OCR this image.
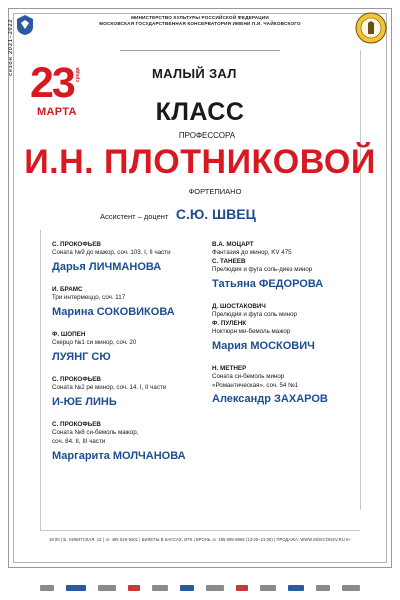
МИНИСТЕРСТВО КУЛЬТУРЫ РОССИЙСКОЙ ФЕДЕРАЦИИ
МОСКОВСКАЯ ГОСУДАРСТВЕННАЯ КОНСЕРВАТОРИЯ ИМЕНИ П.И. ЧАЙКОВСКОГО
сезон 2021–2022
23 среда
МАРТА
МАЛЫЙ ЗАЛ
КЛАСС
ПРОФЕССОРА
И.Н. ПЛОТНИКОВОЙ
ФОРТЕПИАНО
Ассистент – доцент С.Ю. ШВЕЦ
С. ПРОКОФЬЕВ
Соната №9 до мажор, соч. 103. I, II части
Дарья ЛИЧМАНОВА
И. БРАМС
Три интермеццо, соч. 117
Марина СОКОВИКОВА
Ф. ШОПЕН
Скерцо №1 си минор, соч. 20
ЛУЯНГ СЮ
С. ПРОКОФЬЕВ
Соната №2 ре минор, соч. 14. I, II части
И-ЮЕ ЛИНЬ
С. ПРОКОФЬЕВ
Соната №8 си-бемоль мажор,
соч. 84. II, III части
Маргарита МОЛЧАНОВА
В.А. МОЦАРТ
Фантазия до минор, KV 475
С. ТАНЕЕВ
Прелюдия и фуга соль-диез минор
Татьяна ФЕДОРОВА
Д. ШОСТАКОВИЧ
Прелюдия и фуга соль минор
Ф. ПУЛЕНК
Ноктюрн ми-бемоль мажор
Мария МОСКОВИЧ
Н. МЕТНЕР
Соната си-бемоль минор
«Романтическая», соч. 54 №1
Александр ЗАХАРОВ
19:00 | Б. НИКИТСКАЯ, 13 | ☏ 495 629-9401 | БИЛЕТЫ В КАССАХ, ИТК | БРОНЬ ☏ 495 695-8965 (13:00–21:00) | ПРОДАЖА: WWW.MOSCONSV.RU 6+
